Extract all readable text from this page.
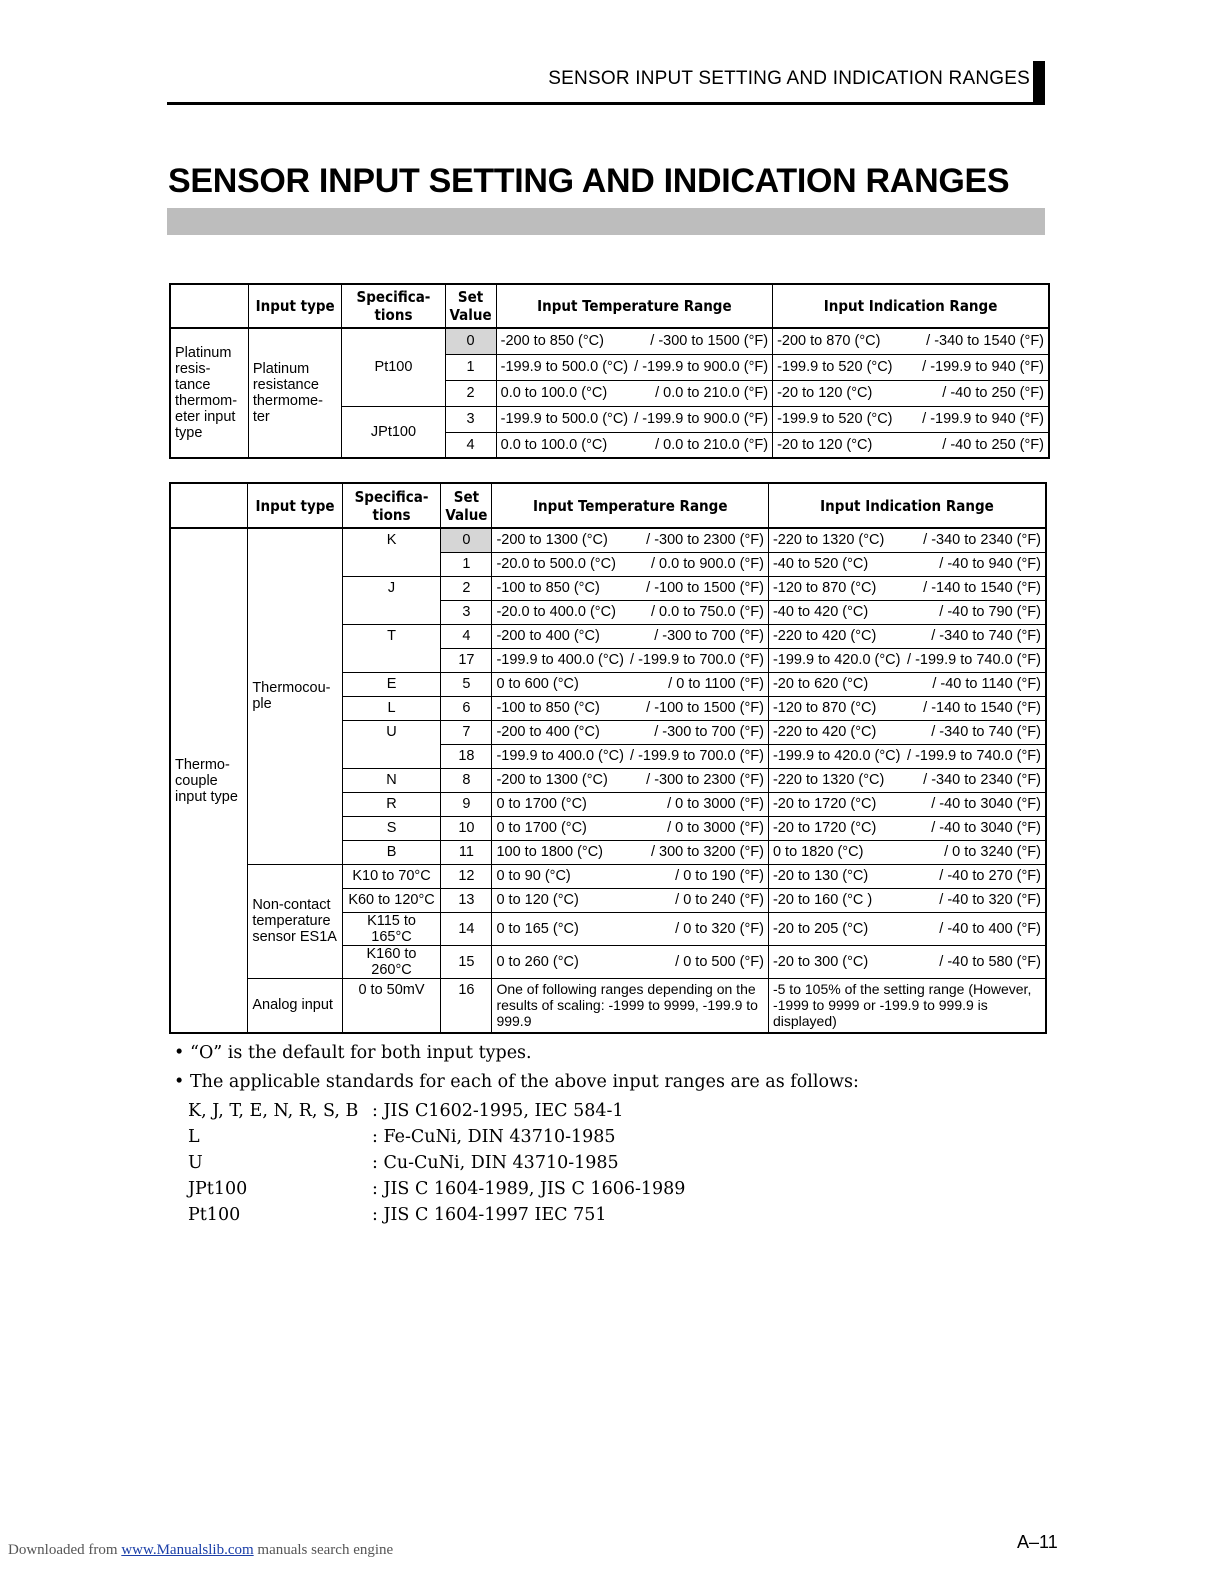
SENSOR INPUT SETTING AND INDICATION RANGES
SENSOR INPUT SETTING AND INDICATION RANGES
	Input type	Specifica-tions	Set Value	Input Temperature Range	Input Indication Range
Platinum resis-tance thermom-eter input type	Platinum resistance thermome-ter	Pt100	0	-200 to 850 (°C) / -300 to 1500 (°F)	-200 to 870 (°C) / -340 to 1540 (°F)

			1	-199.9 to 500.0 (°C) / -199.9 to 900.0 (°F)	-199.9 to 520 (°C) / -199.9 to 940 (°F)

			2	0.0 to 100.0 (°C) / 0.0 to 210.0 (°F)	-20 to 120 (°C) / -40 to 250 (°F)

		JPt100	3	-199.9 to 500.0 (°C) / -199.9 to 900.0 (°F)	-199.9 to 520 (°C) / -199.9 to 940 (°F)

			4	0.0 to 100.0 (°C) / 0.0 to 210.0 (°F)	-20 to 120 (°C) / -40 to 250 (°F)
	Input type	Specifica-tions	Set Value	Input Temperature Range	Input Indication Range
Thermo-couple input type	Thermocou-ple	K	0	-200 to 1300 (°C) / -300 to 2300 (°F)	-220 to 1320 (°C) / -340 to 2340 (°F)

			1	-20.0 to 500.0 (°C) / 0.0 to 900.0 (°F)	-40 to 520 (°C) / -40 to 940 (°F)

		J	2	-100 to 850 (°C) / -100 to 1500 (°F)	-120 to 870 (°C) / -140 to 1540 (°F)

			3	-20.0 to 400.0 (°C) / 0.0 to 750.0 (°F)	-40 to 420 (°C) / -40 to 790 (°F)

		T	4	-200 to 400 (°C) / -300 to 700 (°F)	-220 to 420 (°C) / -340 to 740 (°F)

			17	-199.9 to 400.0 (°C) / -199.9 to 700.0 (°F)	-199.9 to 420.0 (°C) / -199.9 to 740.0 (°F)

		E	5	0 to 600 (°C) / 0 to 1100 (°F)	-20 to 620 (°C) / -40 to 1140 (°F)

		L	6	-100 to 850 (°C) / -100 to 1500 (°F)	-120 to 870 (°C) / -140 to 1540 (°F)

		U	7	-200 to 400 (°C) / -300 to 700 (°F)	-220 to 420 (°C) / -340 to 740 (°F)

			18	-199.9 to 400.0 (°C) / -199.9 to 700.0 (°F)	-199.9 to 420.0 (°C) / -199.9 to 740.0 (°F)

		N	8	-200 to 1300 (°C) / -300 to 2300 (°F)	-220 to 1320 (°C) / -340 to 2340 (°F)

		R	9	0 to 1700 (°C) / 0 to 3000 (°F)	-20 to 1720 (°C) / -40 to 3040 (°F)

		S	10	0 to 1700 (°C) / 0 to 3000 (°F)	-20 to 1720 (°C) / -40 to 3040 (°F)

		B	11	100 to 1800 (°C) / 300 to 3200 (°F)	0 to 1820 (°C) / 0 to 3240 (°F)

	Non-contact temperature sensor ES1A	K10 to 70°C	12	0 to 90 (°C) / 0 to 190 (°F)	-20 to 130 (°C) / -40 to 270 (°F)

		K60 to 120°C	13	0 to 120 (°C) / 0 to 240 (°F)	-20 to 160 (°C ) / -40 to 320 (°F)

		K115 to 165°C	14	0 to 165 (°C) / 0 to 320 (°F)	-20 to 205 (°C) / -40 to 400 (°F)

		K160 to 260°C	15	0 to 260 (°C) / 0 to 500 (°F)	-20 to 300 (°C) / -40 to 580 (°F)

	Analog input	0 to 50mV	16	One of following ranges depending on the results of scaling: -1999 to 9999, -199.9 to 999.9	-5 to 105% of the setting range (However, -1999 to 9999 or -199.9 to 999.9 is displayed)
• “O” is the default for both input types.
• The applicable standards for each of the above input ranges are as follows:
K, J, T, E, N, R, S, B : JIS C1602-1995, IEC 584-1
L	: Fe-CuNi, DIN 43710-1985
U	: Cu-CuNi, DIN 43710-1985
JPt100	: JIS C 1604-1989, JIS C 1606-1989
Pt100	: JIS C 1604-1997 IEC 751
A–11
Downloaded from www.Manualslib.com manuals search engine
